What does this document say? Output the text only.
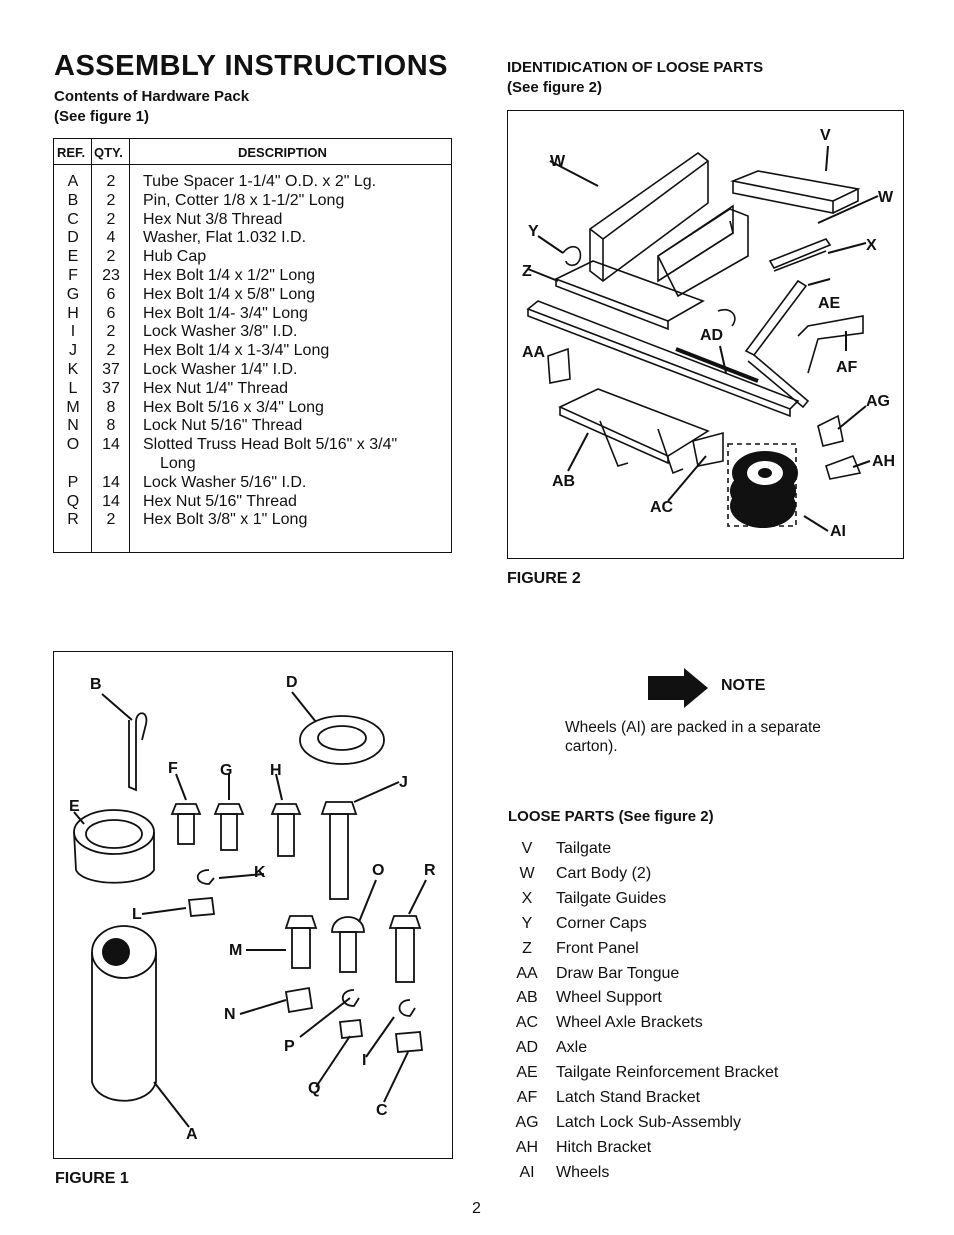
ASSEMBLY INSTRUCTIONS
Contents of Hardware Pack
(See figure 1)
REF. QTY.	DESCRIPTION
A	2	Tube Spacer 1-1/4" O.D. x 2" Lg.
B	2	Pin, Cotter 1/8 x 1-1/2" Long
C	2	Hex Nut 3/8 Thread
D	4	Washer, Flat 1.032 I.D.
E	2	Hub Cap
F	23	Hex Bolt 1/4 x 1/2" Long
G	6	Hex Bolt 1/4 x 5/8" Long
H	6	Hex Bolt 1/4- 3/4" Long
I	2	Lock Washer 3/8" I.D.
J	2	Hex Bolt 1/4 x 1-3/4" Long
K	37	Lock Washer 1/4" I.D.
L	37	Hex Nut 1/4" Thread
M	8	Hex Bolt 5/16 x 3/4" Long
N	8	Lock Nut 5/16" Thread
O	14	Slotted Truss Head Bolt 5/16" x 3/4"
Long
P	14	Lock Washer 5/16" I.D.
Q	14	Hex Nut 5/16" Thread
R	2	Hex Bolt 3/8" x 1" Long
IDENTIDICATION OF LOOSE PARTS
(See figure 2)
W
V
W
X
Y
Z
AA
AD
AE
AF
AG
AH
AB
AC
AI
FIGURE 2
B	D
E
F	G H
J
K
L
O R
M
N
P
I
Q
C
A
FIGURE 1
NOTE
Wheels (AI) are packed in a separate carton).
LOOSE PARTS (See figure 2)
V	Tailgate
W	Cart Body (2)
X	Tailgate Guides
Y	Corner Caps
Z	Front Panel
AA	Draw Bar Tongue
AB	Wheel Support
AC	Wheel Axle Brackets
AD	Axle
AE	Tailgate Reinforcement Bracket
AF	Latch Stand Bracket
AG	Latch Lock Sub-Assembly
AH	Hitch Bracket
AI	Wheels
2
